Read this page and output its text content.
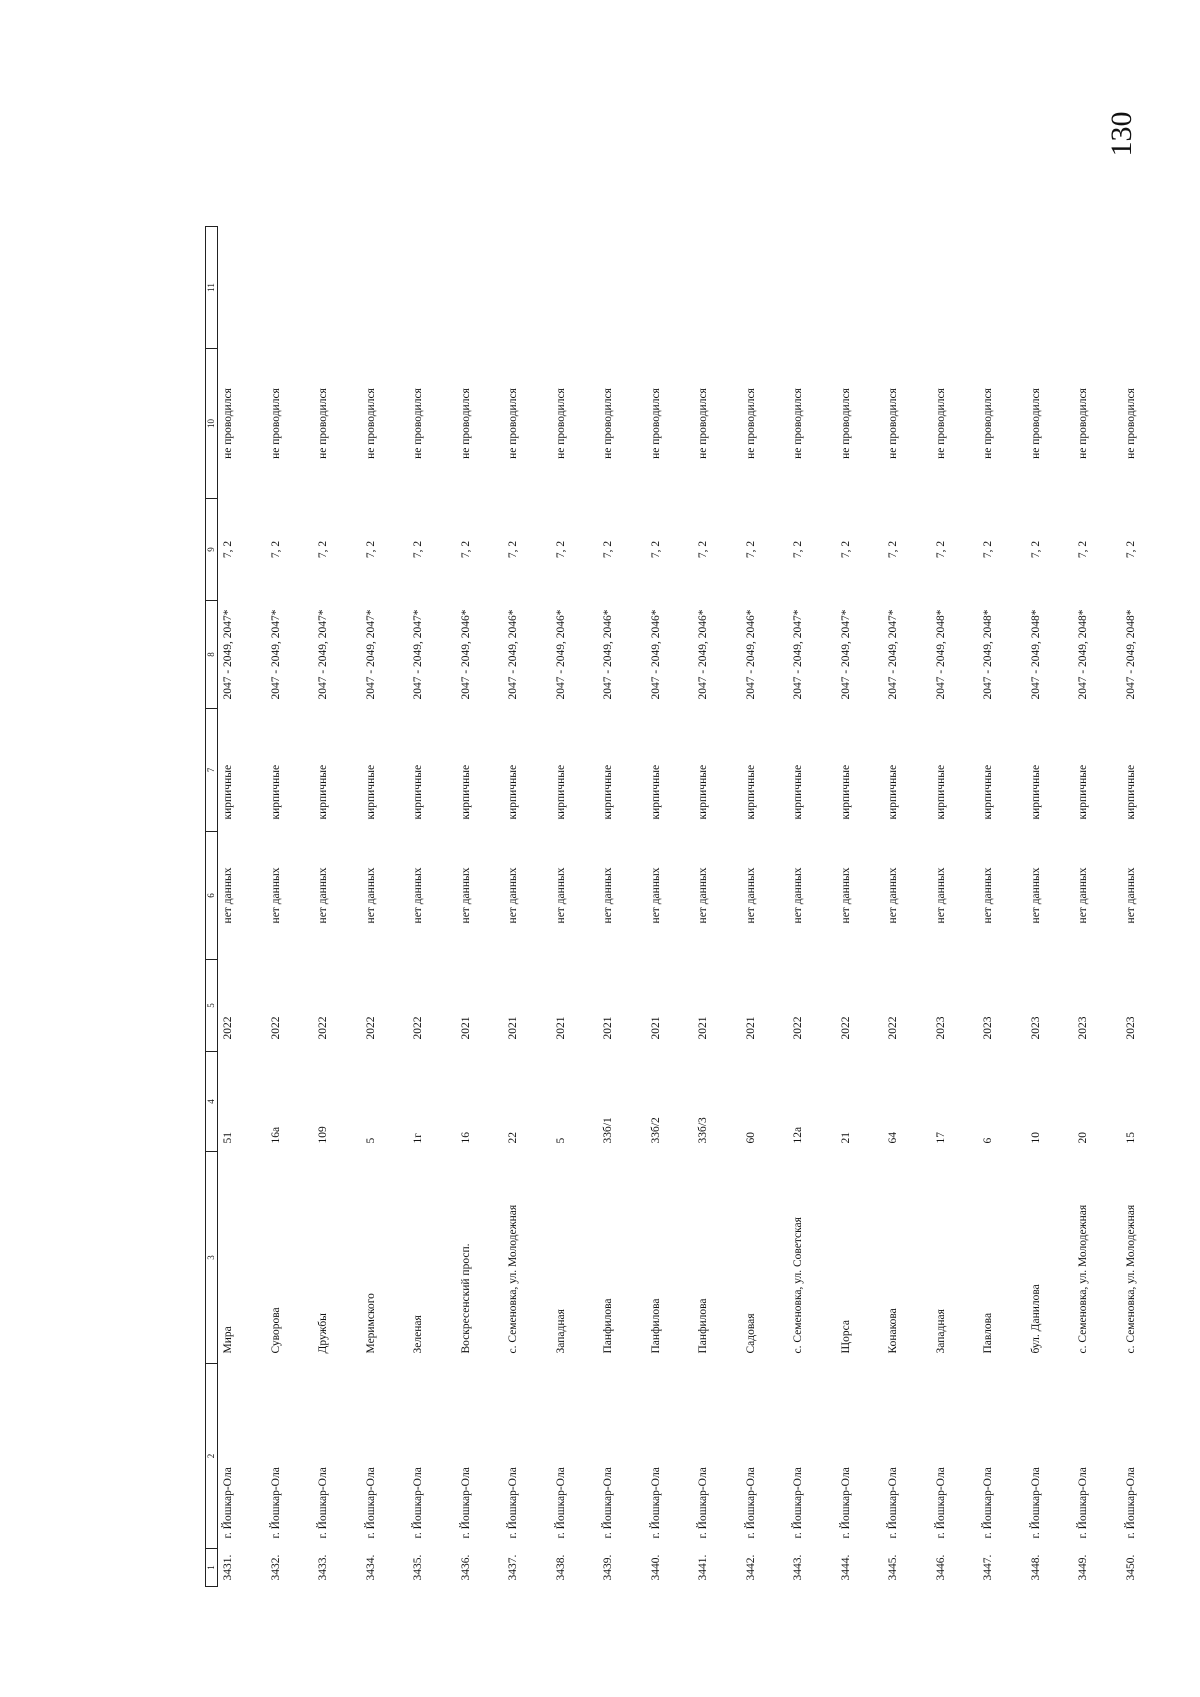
130
1	2	3	4	5	6	7	8	9	10	11
3431.	г. Йошкар-Ола	Мира	51	2022	нет данных	кирпичные	2047 - 2049, 2047*	7, 2	не проводился	
3432.	г. Йошкар-Ола	Суворова	16а	2022	нет данных	кирпичные	2047 - 2049, 2047*	7, 2	не проводился	
3433.	г. Йошкар-Ола	Дружбы	109	2022	нет данных	кирпичные	2047 - 2049, 2047*	7, 2	не проводился	
3434.	г. Йошкар-Ола	Меримского	5	2022	нет данных	кирпичные	2047 - 2049, 2047*	7, 2	не проводился	
3435.	г. Йошкар-Ола	Зеленая	1г	2022	нет данных	кирпичные	2047 - 2049, 2047*	7, 2	не проводился	
3436.	г. Йошкар-Ола	Воскресенский просп.	16	2021	нет данных	кирпичные	2047 - 2049, 2046*	7, 2	не проводился	
3437.	г. Йошкар-Ола	с. Семеновка, ул. Молодежная	22	2021	нет данных	кирпичные	2047 - 2049, 2046*	7, 2	не проводился	
3438.	г. Йошкар-Ола	Западная	5	2021	нет данных	кирпичные	2047 - 2049, 2046*	7, 2	не проводился	
3439.	г. Йошкар-Ола	Панфилова	33б/1	2021	нет данных	кирпичные	2047 - 2049, 2046*	7, 2	не проводился	
3440.	г. Йошкар-Ола	Панфилова	33б/2	2021	нет данных	кирпичные	2047 - 2049, 2046*	7, 2	не проводился	
3441.	г. Йошкар-Ола	Панфилова	33б/3	2021	нет данных	кирпичные	2047 - 2049, 2046*	7, 2	не проводился	
3442.	г. Йошкар-Ола	Садовая	60	2021	нет данных	кирпичные	2047 - 2049, 2046*	7, 2	не проводился	
3443.	г. Йошкар-Ола	с. Семеновка, ул. Советская	12а	2022	нет данных	кирпичные	2047 - 2049, 2047*	7, 2	не проводился	
3444.	г. Йошкар-Ола	Щорса	21	2022	нет данных	кирпичные	2047 - 2049, 2047*	7, 2	не проводился	
3445.	г. Йошкар-Ола	Конакова	64	2022	нет данных	кирпичные	2047 - 2049, 2047*	7, 2	не проводился	
3446.	г. Йошкар-Ола	Западная	17	2023	нет данных	кирпичные	2047 - 2049, 2048*	7, 2	не проводился	
3447.	г. Йошкар-Ола	Павлова	6	2023	нет данных	кирпичные	2047 - 2049, 2048*	7, 2	не проводился	
3448.	г. Йошкар-Ола	бул. Данилова	10	2023	нет данных	кирпичные	2047 - 2049, 2048*	7, 2	не проводился	
3449.	г. Йошкар-Ола	с. Семеновка, ул. Молодежная	20	2023	нет данных	кирпичные	2047 - 2049, 2048*	7, 2	не проводился	
3450.	г. Йошкар-Ола	с. Семеновка, ул. Молодежная	15	2023	нет данных	кирпичные	2047 - 2049, 2048*	7, 2	не проводился	
